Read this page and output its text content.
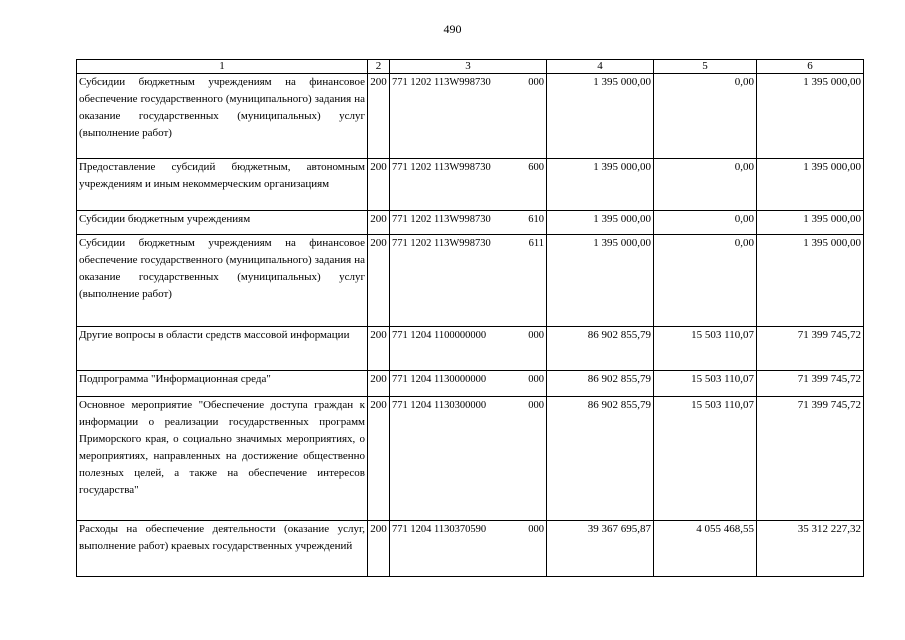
490
1	2	3	4	5	6
Субсидии бюджетным учреждениям на финансовое обеспечение государственного (муниципального) задания на оказание государственных (муниципальных) услуг (выполнение работ)	200	771 1202 113W998730 000	1 395 000,00	0,00	1 395 000,00
Предоставление субсидий бюджетным, автономным учреждениям и иным некоммерческим организациям	200	771 1202 113W998730 600	1 395 000,00	0,00	1 395 000,00
Субсидии бюджетным учреждениям	200	771 1202 113W998730 610	1 395 000,00	0,00	1 395 000,00
Субсидии бюджетным учреждениям на финансовое обеспечение государственного (муниципального) задания на оказание государственных (муниципальных) услуг (выполнение работ)	200	771 1202 113W998730 611	1 395 000,00	0,00	1 395 000,00
Другие вопросы в области средств массовой информации	200	771 1204 1100000000 000	86 902 855,79	15 503 110,07	71 399 745,72
Подпрограмма "Информационная среда"	200	771 1204 1130000000 000	86 902 855,79	15 503 110,07	71 399 745,72
Основное мероприятие "Обеспечение доступа граждан к информации о реализации государственных программ Приморского края, о социально значимых мероприятиях, о мероприятиях, направленных на достижение общественно полезных целей, а также на обеспечение интересов государства"	200	771 1204 1130300000 000	86 902 855,79	15 503 110,07	71 399 745,72
Расходы на обеспечение деятельности (оказание услуг, выполнение работ) краевых государственных учреждений	200	771 1204 1130370590 000	39 367 695,87	4 055 468,55	35 312 227,32
